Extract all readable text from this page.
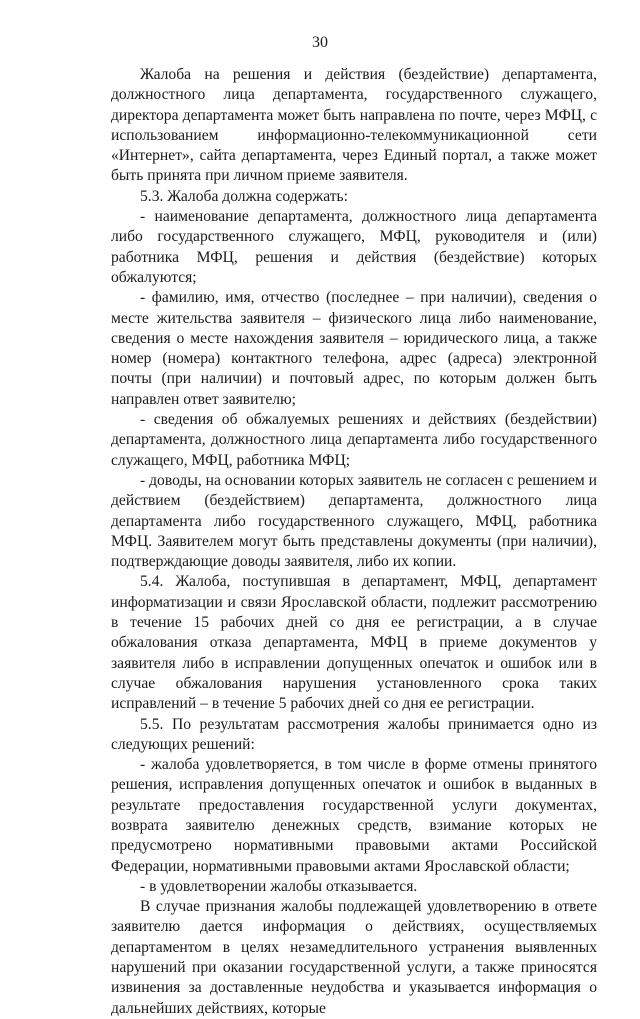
30

Жалоба на решения и действия (бездействие) департамента, должностного лица департамента, государственного служащего, директора департамента может быть направлена по почте, через МФЦ, с использованием информационно-телекоммуникационной сети «Интернет», сайта департамента, через Единый портал, а также может быть принята при личном приеме заявителя.

5.3. Жалоба должна содержать:

- наименование департамента, должностного лица департамента либо государственного служащего, МФЦ, руководителя и (или) работника МФЦ, решения и действия (бездействие) которых обжалуются;

- фамилию, имя, отчество (последнее – при наличии), сведения о месте жительства заявителя – физического лица либо наименование, сведения о месте нахождения заявителя – юридического лица, а также номер (номера) контактного телефона, адрес (адреса) электронной почты (при наличии) и почтовый адрес, по которым должен быть направлен ответ заявителю;

- сведения об обжалуемых решениях и действиях (бездействии) департамента, должностного лица департамента либо государственного служащего, МФЦ, работника МФЦ;

- доводы, на основании которых заявитель не согласен с решением и действием (бездействием) департамента, должностного лица департамента либо государственного служащего, МФЦ, работника МФЦ. Заявителем могут быть представлены документы (при наличии), подтверждающие доводы заявителя, либо их копии.

5.4. Жалоба, поступившая в департамент, МФЦ, департамент информатизации и связи Ярославской области, подлежит рассмотрению в течение 15 рабочих дней со дня ее регистрации, а в случае обжалования отказа департамента, МФЦ в приеме документов у заявителя либо в исправлении допущенных опечаток и ошибок или в случае обжалования нарушения установленного срока таких исправлений – в течение 5 рабочих дней со дня ее регистрации.

5.5. По результатам рассмотрения жалобы принимается одно из следующих решений:

- жалоба удовлетворяется, в том числе в форме отмены принятого решения, исправления допущенных опечаток и ошибок в выданных в результате предоставления государственной услуги документах, возврата заявителю денежных средств, взимание которых не предусмотрено нормативными правовыми актами Российской Федерации, нормативными правовыми актами Ярославской области;

- в удовлетворении жалобы отказывается.

В случае признания жалобы подлежащей удовлетворению в ответе заявителю дается информация о действиях, осуществляемых департаментом в целях незамедлительного устранения выявленных нарушений при оказании государственной услуги, а также приносятся извинения за доставленные неудобства и указывается информация о дальнейших действиях, которые
